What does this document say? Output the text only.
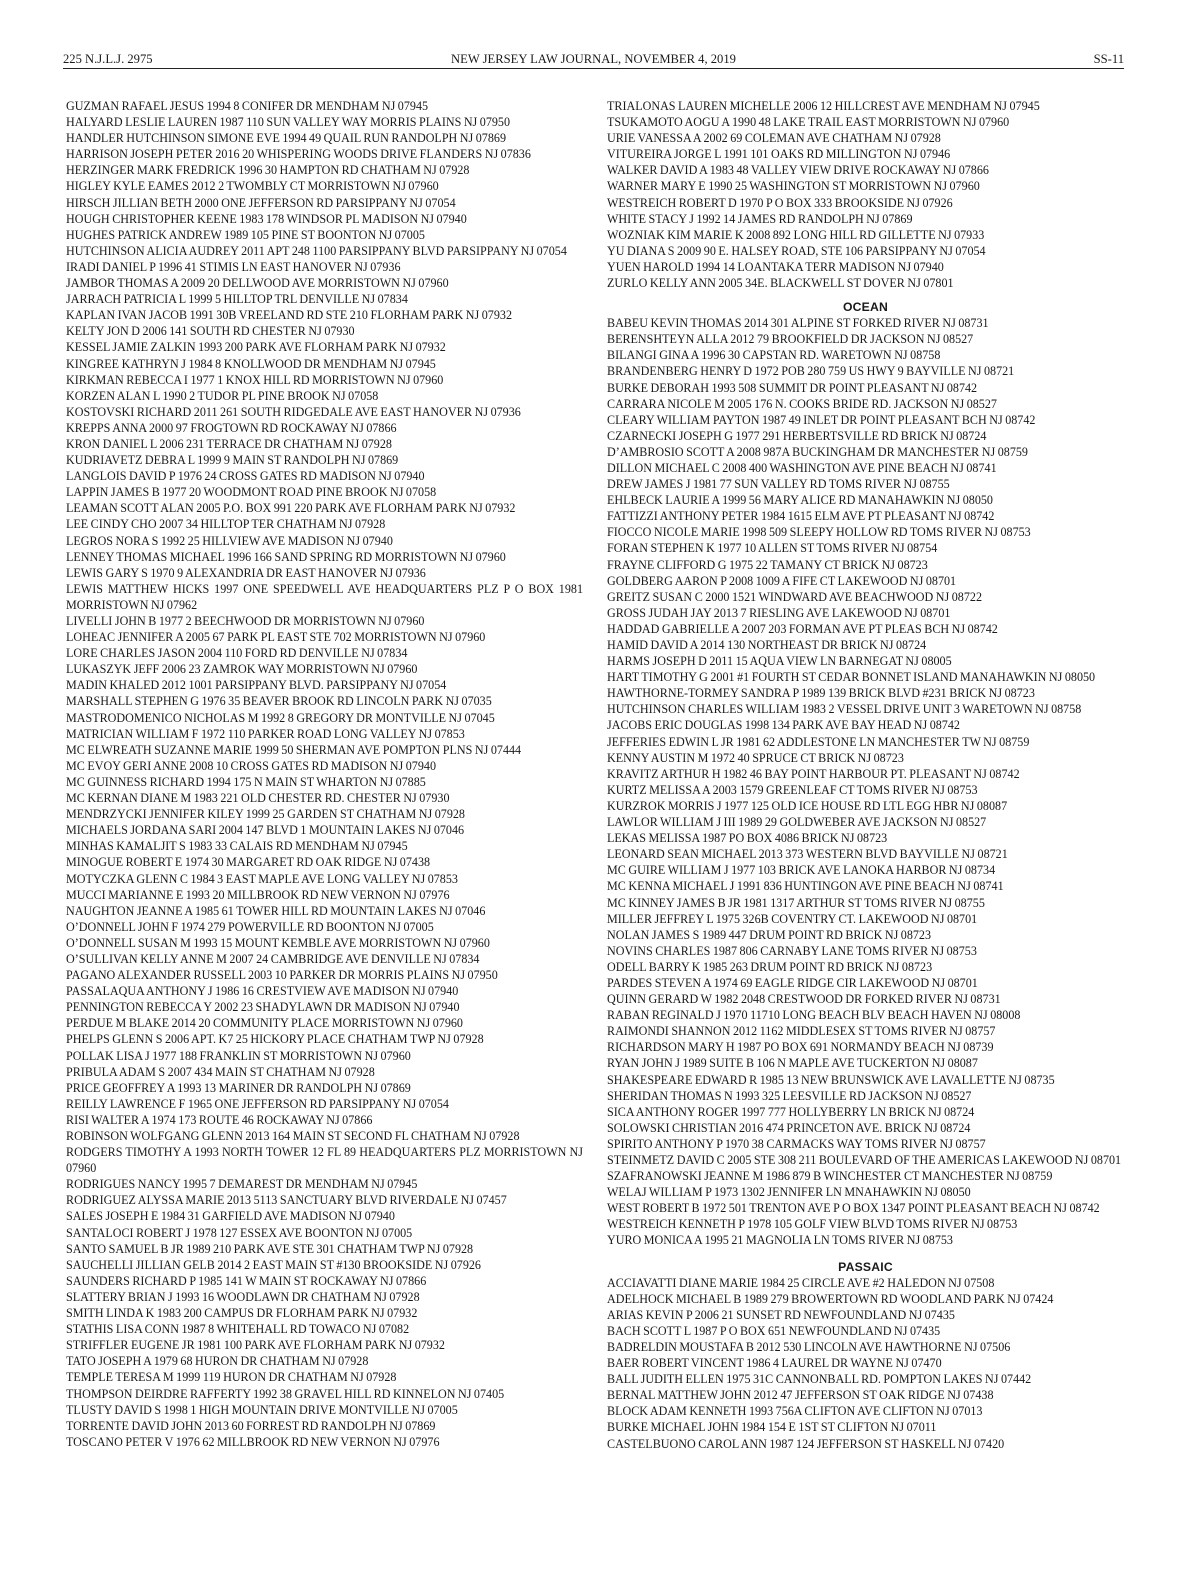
225 N.J.L.J. 2975	NEW JERSEY LAW JOURNAL, NOVEMBER 4, 2019	SS-11
GUZMAN RAFAEL JESUS 1994 8 CONIFER DR MENDHAM NJ 07945
HALYARD LESLIE LAUREN 1987 110 SUN VALLEY WAY MORRIS PLAINS NJ 07950
HANDLER HUTCHINSON SIMONE EVE 1994 49 QUAIL RUN RANDOLPH NJ 07869
HARRISON JOSEPH PETER 2016 20 WHISPERING WOODS DRIVE FLANDERS NJ 07836
HERZINGER MARK FREDRICK 1996 30 HAMPTON RD CHATHAM NJ 07928
HIGLEY KYLE EAMES 2012 2 TWOMBLY CT MORRISTOWN NJ 07960
HIRSCH JILLIAN BETH 2000 ONE JEFFERSON RD PARSIPPANY NJ 07054
HOUGH CHRISTOPHER KEENE 1983 178 WINDSOR PL MADISON NJ 07940
HUGHES PATRICK ANDREW 1989 105 PINE ST BOONTON NJ 07005
HUTCHINSON ALICIA AUDREY 2011 APT 248 1100 PARSIPPANY BLVD PARSIPPANY NJ 07054
IRADI DANIEL P 1996 41 STIMIS LN EAST HANOVER NJ 07936
JAMBOR THOMAS A 2009 20 DELLWOOD AVE MORRISTOWN NJ 07960
JARRACH PATRICIA L 1999 5 HILLTOP TRL DENVILLE NJ 07834
KAPLAN IVAN JACOB 1991 30B VREELAND RD STE 210 FLORHAM PARK NJ 07932
KELTY JON D 2006 141 SOUTH RD CHESTER NJ 07930
KESSEL JAMIE ZALKIN 1993 200 PARK AVE FLORHAM PARK NJ 07932
KINGREE KATHRYN J 1984 8 KNOLLWOOD DR MENDHAM NJ 07945
KIRKMAN REBECCA I 1977 1 KNOX HILL RD MORRISTOWN NJ 07960
KORZEN ALAN L 1990 2 TUDOR PL PINE BROOK NJ 07058
KOSTOVSKI RICHARD 2011 261 SOUTH RIDGEDALE AVE EAST HANOVER NJ 07936
KREPPS ANNA 2000 97 FROGTOWN RD ROCKAWAY NJ 07866
KRON DANIEL L 2006 231 TERRACE DR CHATHAM NJ 07928
KUDRIAVETZ DEBRA L 1999 9 MAIN ST RANDOLPH NJ 07869
LANGLOIS DAVID P 1976 24 CROSS GATES RD MADISON NJ 07940
LAPPIN JAMES B 1977 20 WOODMONT ROAD PINE BROOK NJ 07058
LEAMAN SCOTT ALAN 2005 P.O. BOX 991 220 PARK AVE FLORHAM PARK NJ 07932
LEE CINDY CHO 2007 34 HILLTOP TER CHATHAM NJ 07928
LEGROS NORA S 1992 25 HILLVIEW AVE MADISON NJ 07940
LENNEY THOMAS MICHAEL 1996 166 SAND SPRING RD MORRISTOWN NJ 07960
LEWIS GARY S 1970 9 ALEXANDRIA DR EAST HANOVER NJ 07936
LEWIS MATTHEW HICKS 1997 ONE SPEEDWELL AVE HEADQUARTERS PLZ P O BOX 1981 MORRISTOWN NJ 07962
LIVELLI JOHN B 1977 2 BEECHWOOD DR MORRISTOWN NJ 07960
LOHEAC JENNIFER A 2005 67 PARK PL EAST STE 702 MORRISTOWN NJ 07960
LORE CHARLES JASON 2004 110 FORD RD DENVILLE NJ 07834
LUKASZYK JEFF 2006 23 ZAMROK WAY MORRISTOWN NJ 07960
MADIN KHALED 2012 1001 PARSIPPANY BLVD. PARSIPPANY NJ 07054
MARSHALL STEPHEN G 1976 35 BEAVER BROOK RD LINCOLN PARK NJ 07035
MASTRODOMENICO NICHOLAS M 1992 8 GREGORY DR MONTVILLE NJ 07045
MATRICIAN WILLIAM F 1972 110 PARKER ROAD LONG VALLEY NJ 07853
MC ELWREATH SUZANNE MARIE 1999 50 SHERMAN AVE POMPTON PLNS NJ 07444
MC EVOY GERI ANNE 2008 10 CROSS GATES RD MADISON NJ 07940
MC GUINNESS RICHARD 1994 175 N MAIN ST WHARTON NJ 07885
MC KERNAN DIANE M 1983 221 OLD CHESTER RD. CHESTER NJ 07930
MENDRZYCKI JENNIFER KILEY 1999 25 GARDEN ST CHATHAM NJ 07928
MICHAELS JORDANA SARI 2004 147 BLVD 1 MOUNTAIN LAKES NJ 07046
MINHAS KAMALJIT S 1983 33 CALAIS RD MENDHAM NJ 07945
MINOGUE ROBERT E 1974 30 MARGARET RD OAK RIDGE NJ 07438
MOTYCZKA GLENN C 1984 3 EAST MAPLE AVE LONG VALLEY NJ 07853
MUCCI MARIANNE E 1993 20 MILLBROOK RD NEW VERNON NJ 07976
NAUGHTON JEANNE A 1985 61 TOWER HILL RD MOUNTAIN LAKES NJ 07046
O’DONNELL JOHN F 1974 279 POWERVILLE RD BOONTON NJ 07005
O’DONNELL SUSAN M 1993 15 MOUNT KEMBLE AVE MORRISTOWN NJ 07960
O’SULLIVAN KELLY ANNE M 2007 24 CAMBRIDGE AVE DENVILLE NJ 07834
PAGANO ALEXANDER RUSSELL 2003 10 PARKER DR MORRIS PLAINS NJ 07950
PASSALAQUA ANTHONY J 1986 16 CRESTVIEW AVE MADISON NJ 07940
PENNINGTON REBECCA Y 2002 23 SHADYLAWN DR MADISON NJ 07940
PERDUE M BLAKE 2014 20 COMMUNITY PLACE MORRISTOWN NJ 07960
PHELPS GLENN S 2006 APT. K7 25 HICKORY PLACE CHATHAM TWP NJ 07928
POLLAK LISA J 1977 188 FRANKLIN ST MORRISTOWN NJ 07960
PRIBULA ADAM S 2007 434 MAIN ST CHATHAM NJ 07928
PRICE GEOFFREY A 1993 13 MARINER DR RANDOLPH NJ 07869
REILLY LAWRENCE F 1965 ONE JEFFERSON RD PARSIPPANY NJ 07054
RISI WALTER A 1974 173 ROUTE 46 ROCKAWAY NJ 07866
ROBINSON WOLFGANG GLENN 2013 164 MAIN ST SECOND FL CHATHAM NJ 07928
RODGERS TIMOTHY A 1993 NORTH TOWER 12 FL 89 HEADQUARTERS PLZ MORRISTOWN NJ 07960
RODRIGUES NANCY 1995 7 DEMAREST DR MENDHAM NJ 07945
RODRIGUEZ ALYSSA MARIE 2013 5113 SANCTUARY BLVD RIVERDALE NJ 07457
SALES JOSEPH E 1984 31 GARFIELD AVE MADISON NJ 07940
SANTALOCI ROBERT J 1978 127 ESSEX AVE BOONTON NJ 07005
SANTO SAMUEL B JR 1989 210 PARK AVE STE 301 CHATHAM TWP NJ 07928
SAUCHELLI JILLIAN GELB 2014 2 EAST MAIN ST #130 BROOKSIDE NJ 07926
SAUNDERS RICHARD P 1985 141 W MAIN ST ROCKAWAY NJ 07866
SLATTERY BRIAN J 1993 16 WOODLAWN DR CHATHAM NJ 07928
SMITH LINDA K 1983 200 CAMPUS DR FLORHAM PARK NJ 07932
STATHIS LISA CONN 1987 8 WHITEHALL RD TOWACO NJ 07082
STRIFFLER EUGENE JR 1981 100 PARK AVE FLORHAM PARK NJ 07932
TATO JOSEPH A 1979 68 HURON DR CHATHAM NJ 07928
TEMPLE TERESA M 1999 119 HURON DR CHATHAM NJ 07928
THOMPSON DEIRDRE RAFFERTY 1992 38 GRAVEL HILL RD KINNELON NJ 07405
TLUSTY DAVID S 1998 1 HIGH MOUNTAIN DRIVE MONTVILLE NJ 07005
TORRENTE DAVID JOHN 2013 60 FORREST RD RANDOLPH NJ 07869
TOSCANO PETER V 1976 62 MILLBROOK RD NEW VERNON NJ 07976
TRIALONAS LAUREN MICHELLE 2006 12 HILLCREST AVE MENDHAM NJ 07945
TSUKAMOTO AOGU A 1990 48 LAKE TRAIL EAST MORRISTOWN NJ 07960
URIE VANESSA A 2002 69 COLEMAN AVE CHATHAM NJ 07928
VITUREIRA JORGE L 1991 101 OAKS RD MILLINGTON NJ 07946
WALKER DAVID A 1983 48 VALLEY VIEW DRIVE ROCKAWAY NJ 07866
WARNER MARY E 1990 25 WASHINGTON ST MORRISTOWN NJ 07960
WESTREICH ROBERT D 1970 P O BOX 333 BROOKSIDE NJ 07926
WHITE STACY J 1992 14 JAMES RD RANDOLPH NJ 07869
WOZNIAK KIM MARIE K 2008 892 LONG HILL RD GILLETTE NJ 07933
YU DIANA S 2009 90 E. HALSEY ROAD, STE 106 PARSIPPANY NJ 07054
YUEN HAROLD 1994 14 LOANTAKA TERR MADISON NJ 07940
ZURLO KELLY ANN 2005 34E. BLACKWELL ST DOVER NJ 07801
OCEAN
BABEU KEVIN THOMAS 2014 301 ALPINE ST FORKED RIVER NJ 08731
BERENSHTEYN ALLA 2012 79 BROOKFIELD DR JACKSON NJ 08527
BILANGI GINA A 1996 30 CAPSTAN RD. WARETOWN NJ 08758
BRANDENBERG HENRY D 1972 POB 280 759 US HWY 9 BAYVILLE NJ 08721
BURKE DEBORAH 1993 508 SUMMIT DR POINT PLEASANT NJ 08742
CARRARA NICOLE M 2005 176 N. COOKS BRIDE RD. JACKSON NJ 08527
CLEARY WILLIAM PAYTON 1987 49 INLET DR POINT PLEASANT BCH NJ 08742
CZARNECKI JOSEPH G 1977 291 HERBERTSVILLE RD BRICK NJ 08724
D’AMBROSIO SCOTT A 2008 987A BUCKINGHAM DR MANCHESTER NJ 08759
DILLON MICHAEL C 2008 400 WASHINGTON AVE PINE BEACH NJ 08741
DREW JAMES J 1981 77 SUN VALLEY RD TOMS RIVER NJ 08755
EHLBECK LAURIE A 1999 56 MARY ALICE RD MANAHAWKIN NJ 08050
FATTIZZI ANTHONY PETER 1984 1615 ELM AVE PT PLEASANT NJ 08742
FIOCCO NICOLE MARIE 1998 509 SLEEPY HOLLOW RD TOMS RIVER NJ 08753
FORAN STEPHEN K 1977 10 ALLEN ST TOMS RIVER NJ 08754
FRAYNE CLIFFORD G 1975 22 TAMANY CT BRICK NJ 08723
GOLDBERG AARON P 2008 1009 A FIFE CT LAKEWOOD NJ 08701
GREITZ SUSAN C 2000 1521 WINDWARD AVE BEACHWOOD NJ 08722
GROSS JUDAH JAY 2013 7 RIESLING AVE LAKEWOOD NJ 08701
HADDAD GABRIELLE A 2007 203 FORMAN AVE PT PLEAS BCH NJ 08742
HAMID DAVID A 2014 130 NORTHEAST DR BRICK NJ 08724
HARMS JOSEPH D 2011 15 AQUA VIEW LN BARNEGAT NJ 08005
HART TIMOTHY G 2001 #1 FOURTH ST CEDAR BONNET ISLAND MANAHAWKIN NJ 08050
HAWTHORNE-TORMEY SANDRA P 1989 139 BRICK BLVD #231 BRICK NJ 08723
HUTCHINSON CHARLES WILLIAM 1983 2 VESSEL DRIVE UNIT 3 WARETOWN NJ 08758
JACOBS ERIC DOUGLAS 1998 134 PARK AVE BAY HEAD NJ 08742
JEFFERIES EDWIN L JR 1981 62 ADDLESTONE LN MANCHESTER TW NJ 08759
KENNY AUSTIN M 1972 40 SPRUCE CT BRICK NJ 08723
KRAVITZ ARTHUR H 1982 46 BAY POINT HARBOUR PT. PLEASANT NJ 08742
KURTZ MELISSA A 2003 1579 GREENLEAF CT TOMS RIVER NJ 08753
KURZROK MORRIS J 1977 125 OLD ICE HOUSE RD LTL EGG HBR NJ 08087
LAWLOR WILLIAM J III 1989 29 GOLDWEBER AVE JACKSON NJ 08527
LEKAS MELISSA 1987 PO BOX 4086 BRICK NJ 08723
LEONARD SEAN MICHAEL 2013 373 WESTERN BLVD BAYVILLE NJ 08721
MC GUIRE WILLIAM J 1977 103 BRICK AVE LANOKA HARBOR NJ 08734
MC KENNA MICHAEL J 1991 836 HUNTINGON AVE PINE BEACH NJ 08741
MC KINNEY JAMES B JR 1981 1317 ARTHUR ST TOMS RIVER NJ 08755
MILLER JEFFREY L 1975 326B COVENTRY CT. LAKEWOOD NJ 08701
NOLAN JAMES S 1989 447 DRUM POINT RD BRICK NJ 08723
NOVINS CHARLES 1987 806 CARNABY LANE TOMS RIVER NJ 08753
ODELL BARRY K 1985 263 DRUM POINT RD BRICK NJ 08723
PARDES STEVEN A 1974 69 EAGLE RIDGE CIR LAKEWOOD NJ 08701
QUINN GERARD W 1982 2048 CRESTWOOD DR FORKED RIVER NJ 08731
RABAN REGINALD J 1970 11710 LONG BEACH BLV BEACH HAVEN NJ 08008
RAIMONDI SHANNON 2012 1162 MIDDLESEX ST TOMS RIVER NJ 08757
RICHARDSON MARY H 1987 PO BOX 691 NORMANDY BEACH NJ 08739
RYAN JOHN J 1989 SUITE B 106 N MAPLE AVE TUCKERTON NJ 08087
SHAKESPEARE EDWARD R 1985 13 NEW BRUNSWICK AVE LAVALLETTE NJ 08735
SHERIDAN THOMAS N 1993 325 LEESVILLE RD JACKSON NJ 08527
SICA ANTHONY ROGER 1997 777 HOLLYBERRY LN BRICK NJ 08724
SOLOWSKI CHRISTIAN 2016 474 PRINCETON AVE. BRICK NJ 08724
SPIRITO ANTHONY P 1970 38 CARMACKS WAY TOMS RIVER NJ 08757
STEINMETZ DAVID C 2005 STE 308 211 BOULEVARD OF THE AMERICAS LAKEWOOD NJ 08701
SZAFRANOWSKI JEANNE M 1986 879 B WINCHESTER CT MANCHESTER NJ 08759
WELAJ WILLIAM P 1973 1302 JENNIFER LN MNAHAWKIN NJ 08050
WEST ROBERT B 1972 501 TRENTON AVE P O BOX 1347 POINT PLEASANT BEACH NJ 08742
WESTREICH KENNETH P 1978 105 GOLF VIEW BLVD TOMS RIVER NJ 08753
YURO MONICA A 1995 21 MAGNOLIA LN TOMS RIVER NJ 08753
PASSAIC
ACCIAVATTI DIANE MARIE 1984 25 CIRCLE AVE #2 HALEDON NJ 07508
ADELHOCK MICHAEL B 1989 279 BROWERTOWN RD WOODLAND PARK NJ 07424
ARIAS KEVIN P 2006 21 SUNSET RD NEWFOUNDLAND NJ 07435
BACH SCOTT L 1987 P O BOX 651 NEWFOUNDLAND NJ 07435
BADRELDIN MOUSTAFA B 2012 530 LINCOLN AVE HAWTHORNE NJ 07506
BAER ROBERT VINCENT 1986 4 LAUREL DR WAYNE NJ 07470
BALL JUDITH ELLEN 1975 31C CANNONBALL RD. POMPTON LAKES NJ 07442
BERNAL MATTHEW JOHN 2012 47 JEFFERSON ST OAK RIDGE NJ 07438
BLOCK ADAM KENNETH 1993 756A CLIFTON AVE CLIFTON NJ 07013
BURKE MICHAEL JOHN 1984 154 E 1ST ST CLIFTON NJ 07011
CASTELBUONO CAROL ANN 1987 124 JEFFERSON ST HASKELL NJ 07420
